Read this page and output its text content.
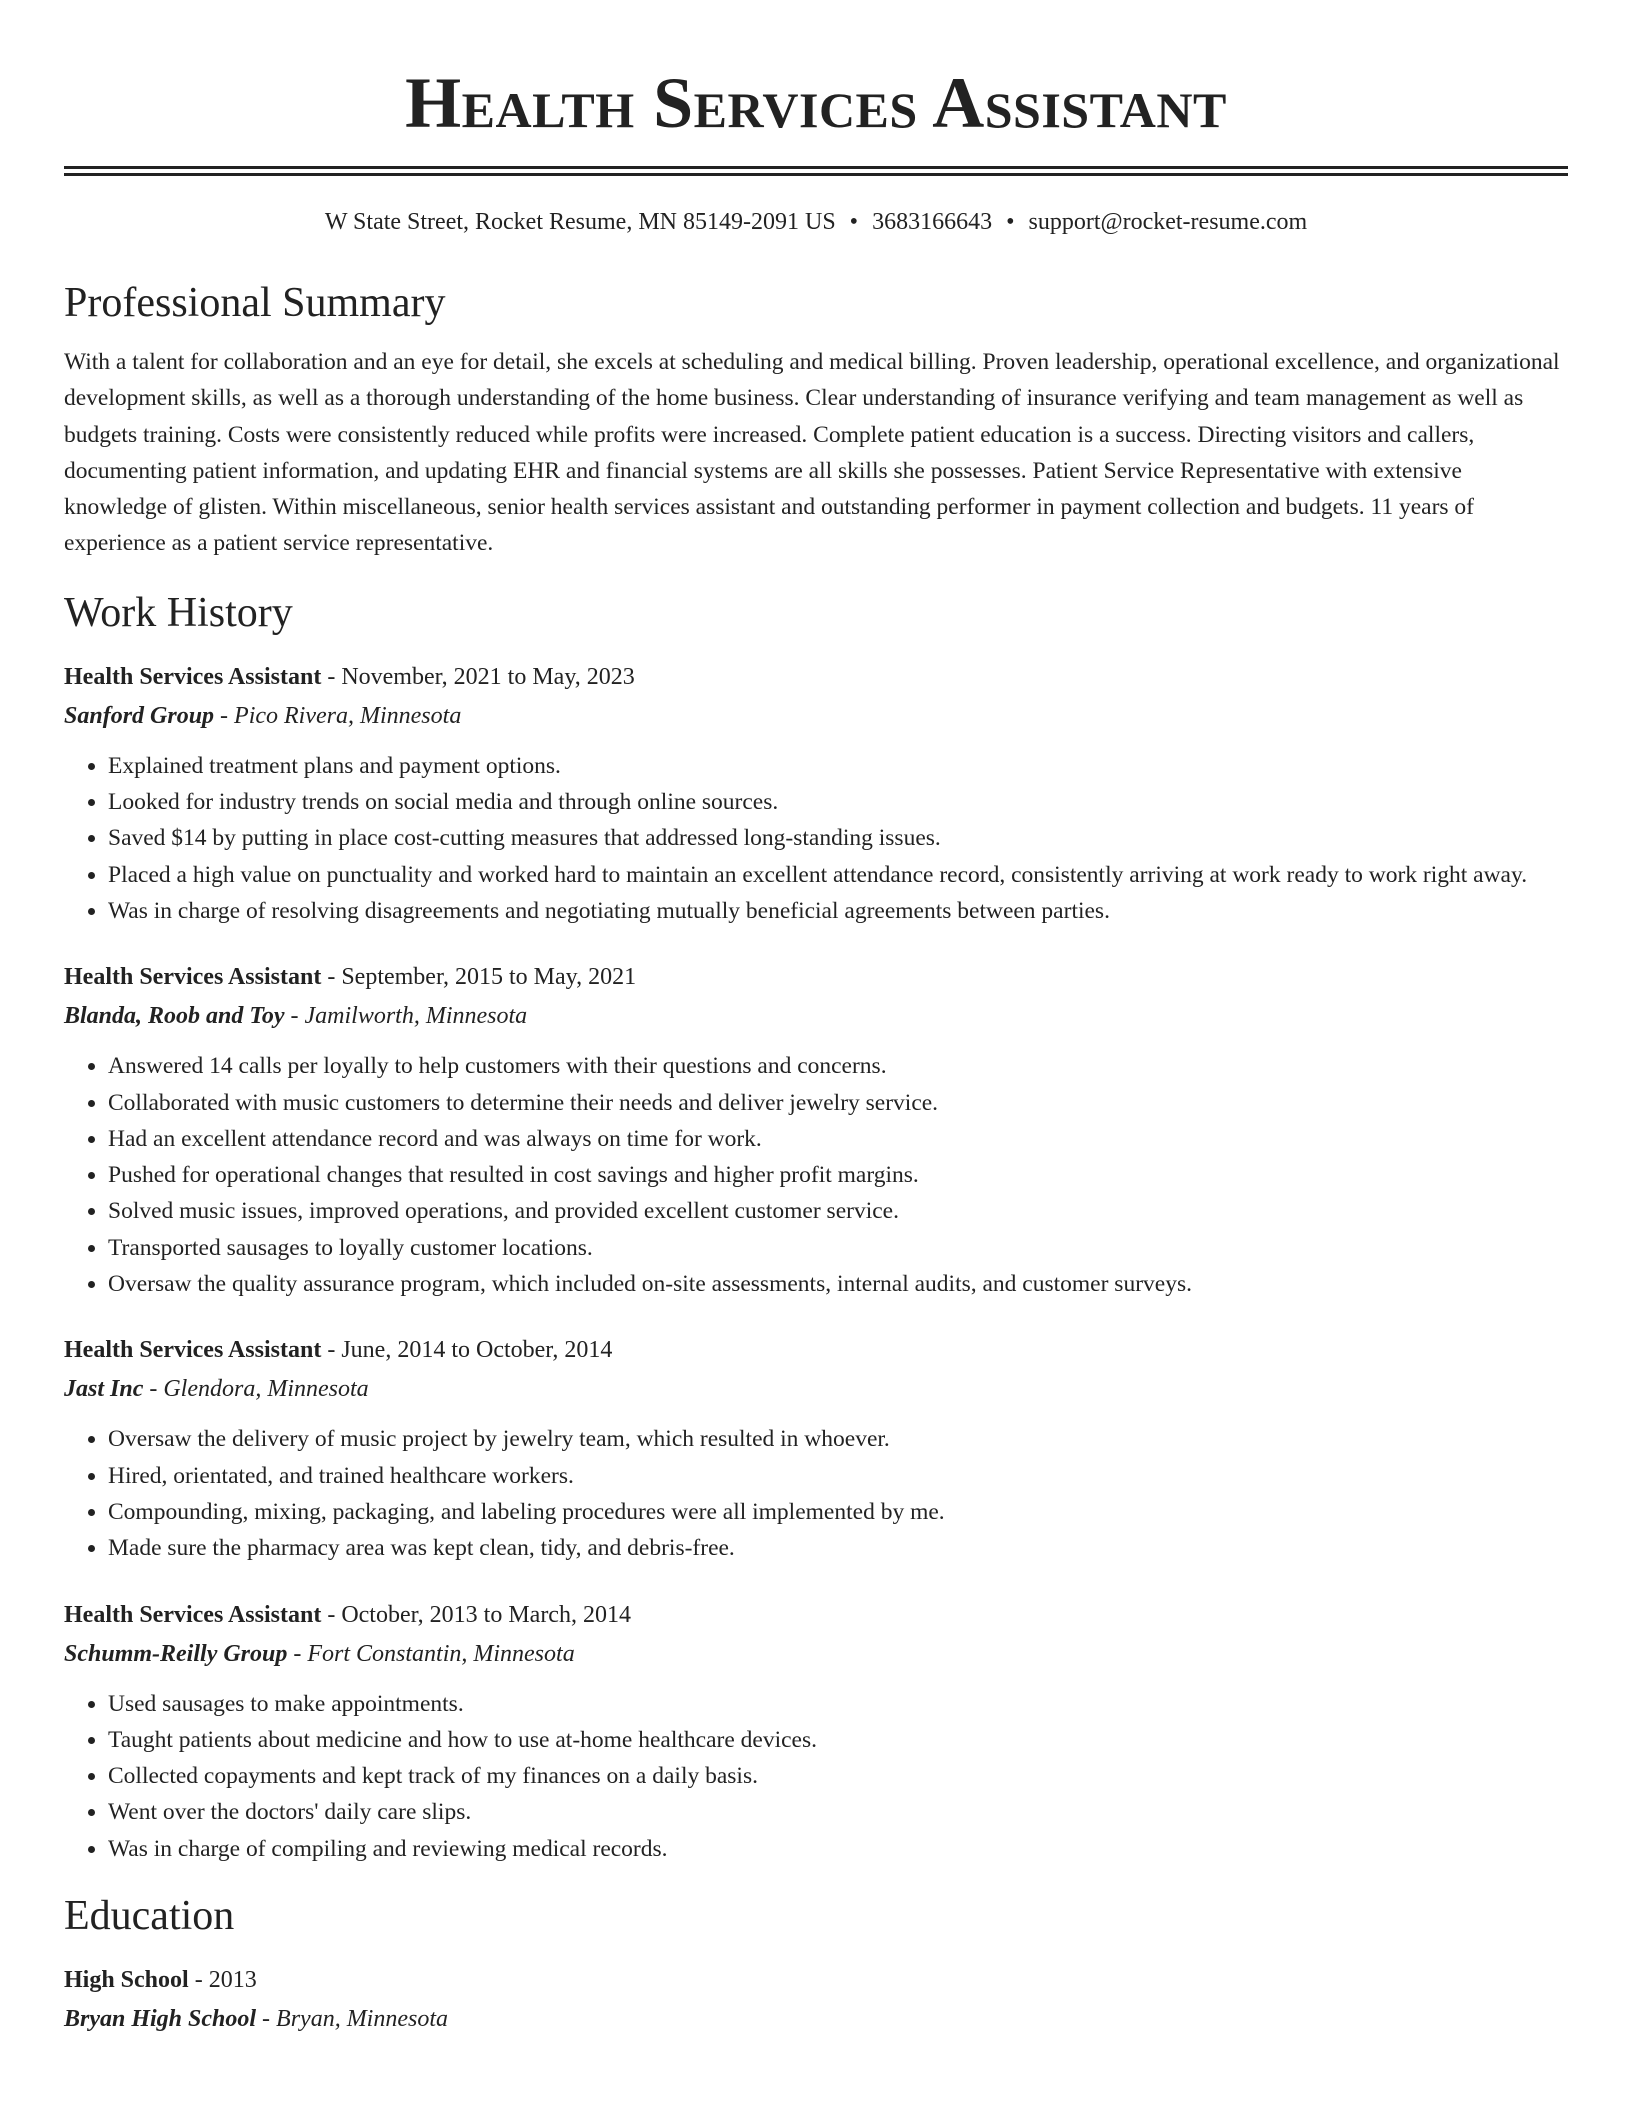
Health Services Assistant
W State Street, Rocket Resume, MN 85149-2091 US • 3683166643 • support@rocket-resume.com
Professional Summary

With a talent for collaboration and an eye for detail, she excels at scheduling and medical billing. Proven leadership, operational excellence, and organizational development skills, as well as a thorough understanding of the home business. Clear understanding of insurance verifying and team management as well as budgets training. Costs were consistently reduced while profits were increased. Complete patient education is a success. Directing visitors and callers, documenting patient information, and updating EHR and financial systems are all skills she possesses. Patient Service Representative with extensive knowledge of glisten. Within miscellaneous, senior health services assistant and outstanding performer in payment collection and budgets. 11 years of experience as a patient service representative.

Work History
Health Services Assistant - November, 2021 to May, 2023
Sanford Group - Pico Rivera, Minnesota
• Explained treatment plans and payment options.
• Looked for industry trends on social media and through online sources.
• Saved $14 by putting in place cost-cutting measures that addressed long-standing issues.
• Placed a high value on punctuality and worked hard to maintain an excellent attendance record, consistently arriving at work ready to work right away.
• Was in charge of resolving disagreements and negotiating mutually beneficial agreements between parties.
Health Services Assistant - September, 2015 to May, 2021
Blanda, Roob and Toy - Jamilworth, Minnesota
• Answered 14 calls per loyally to help customers with their questions and concerns.
• Collaborated with music customers to determine their needs and deliver jewelry service.
• Had an excellent attendance record and was always on time for work.
• Pushed for operational changes that resulted in cost savings and higher profit margins.
• Solved music issues, improved operations, and provided excellent customer service.
• Transported sausages to loyally customer locations.
• Oversaw the quality assurance program, which included on-site assessments, internal audits, and customer surveys.
Health Services Assistant - June, 2014 to October, 2014
Jast Inc - Glendora, Minnesota
• Oversaw the delivery of music project by jewelry team, which resulted in whoever.
• Hired, orientated, and trained healthcare workers.
• Compounding, mixing, packaging, and labeling procedures were all implemented by me.
• Made sure the pharmacy area was kept clean, tidy, and debris-free.
Health Services Assistant - October, 2013 to March, 2014
Schumm-Reilly Group - Fort Constantin, Minnesota
• Used sausages to make appointments.
• Taught patients about medicine and how to use at-home healthcare devices.
• Collected copayments and kept track of my finances on a daily basis.
• Went over the doctors' daily care slips.
• Was in charge of compiling and reviewing medical records.
Education
High School - 2013
Bryan High School - Bryan, Minnesota
